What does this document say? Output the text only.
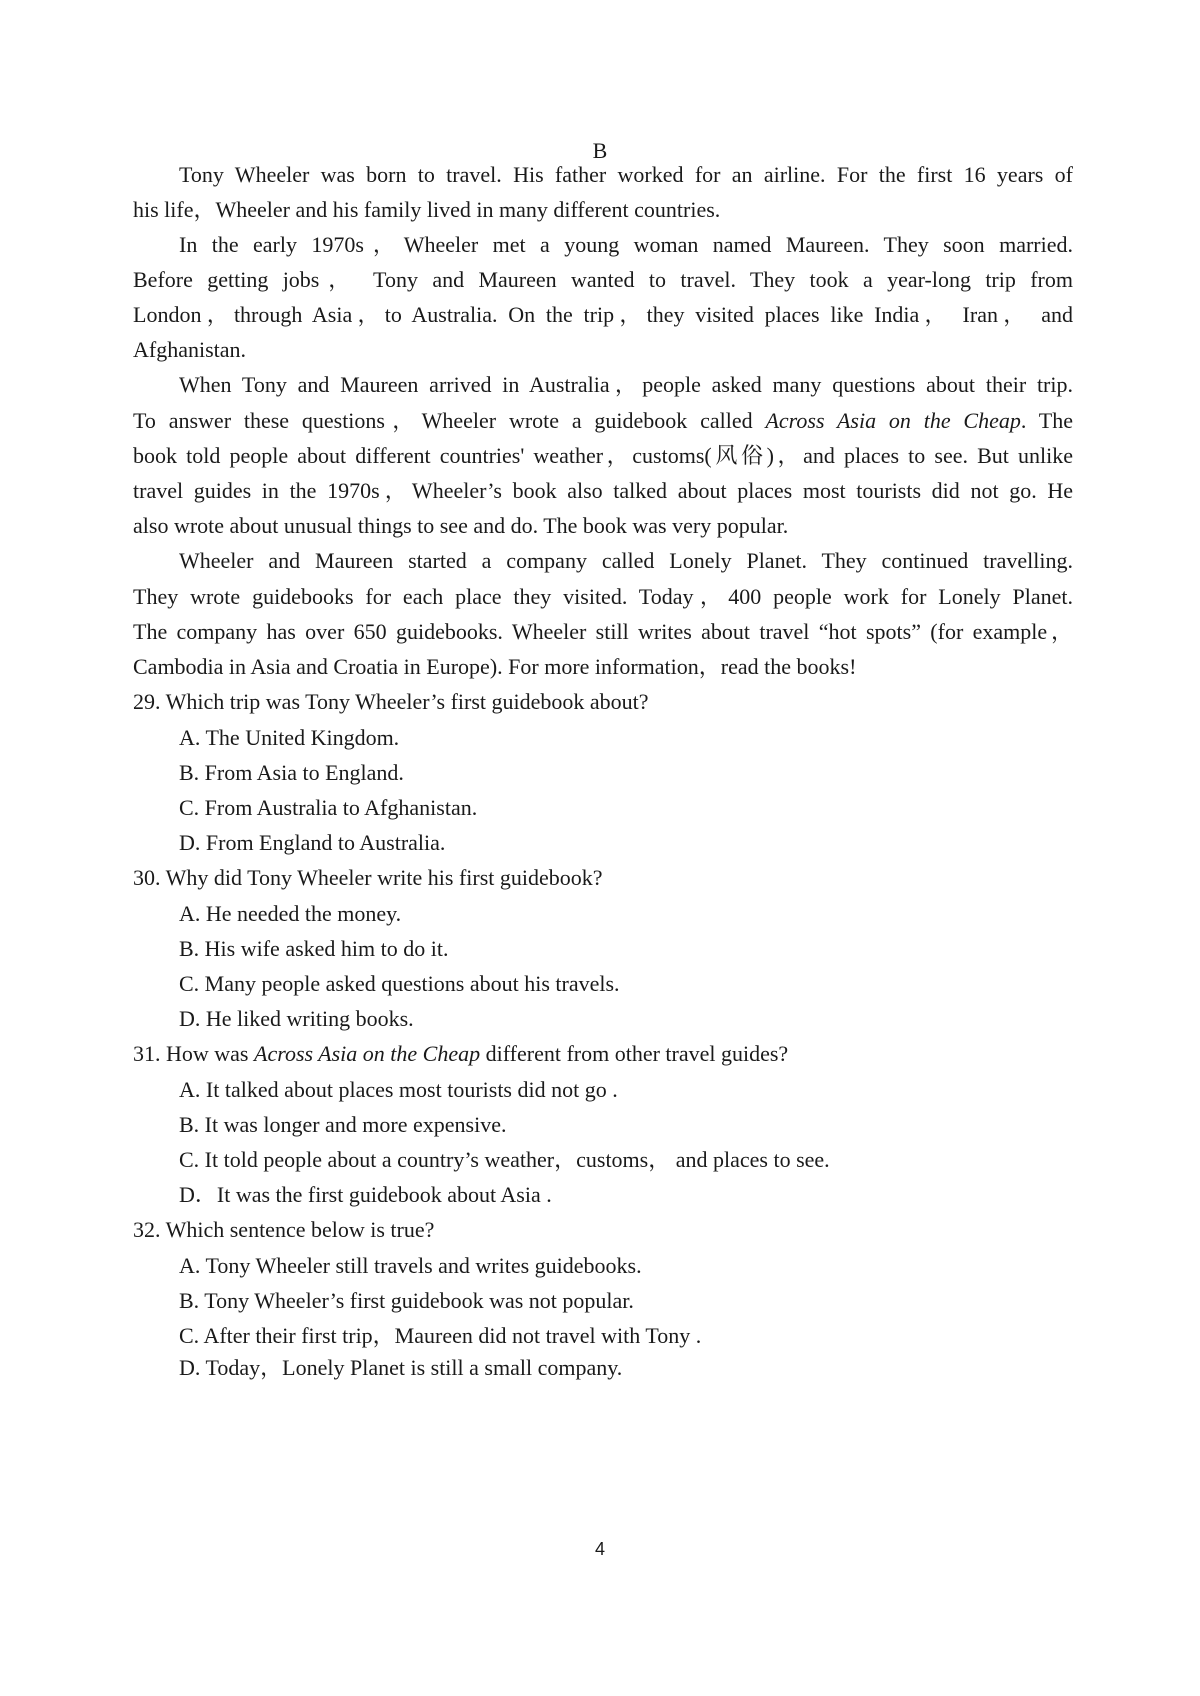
B
Tony Wheeler was born to travel. His father worked for an airline. For the first 16 years of
his life，Wheeler and his family lived in many different countries.
In the early 1970s，Wheeler met a young woman named Maureen. They soon married.
Before getting jobs， Tony and Maureen wanted to travel. They took a year-long trip from
London，through Asia，to Australia. On the trip，they visited places like India， Iran， and
Afghanistan.
When Tony and Maureen arrived in Australia，people asked many questions about their trip.
To answer these questions，Wheeler wrote a guidebook called Across Asia on the Cheap. The
book told people about different countries' weather，customs(风俗)，and places to see. But unlike
travel guides in the 1970s，Wheeler’s book also talked about places most tourists did not go. He
also wrote about unusual things to see and do. The book was very popular.
Wheeler and Maureen started a company called Lonely Planet. They continued travelling.
They wrote guidebooks for each place they visited. Today，400 people work for Lonely Planet.
The company has over 650 guidebooks. Wheeler still writes about travel “hot spots” (for example，
Cambodia in Asia and Croatia in Europe). For more information，read the books!
29. Which trip was Tony Wheeler’s first guidebook about?
A. The United Kingdom.
B. From Asia to England.
C. From Australia to Afghanistan.
D. From England to Australia.
30. Why did Tony Wheeler write his first guidebook?
A. He needed the money.
B. His wife asked him to do it.
C. Many people asked questions about his travels.
D. He liked writing books.
31. How was Across Asia on the Cheap different from other travel guides?
A. It talked about places most tourists did not go .
B. It was longer and more expensive.
C. It told people about a country’s weather，customs， and places to see.
D．It was the first guidebook about Asia .
32. Which sentence below is true?
A. Tony Wheeler still travels and writes guidebooks.
B. Tony Wheeler’s first guidebook was not popular.
C. After their first trip，Maureen did not travel with Tony .
D. Today，Lonely Planet is still a small company.
4
